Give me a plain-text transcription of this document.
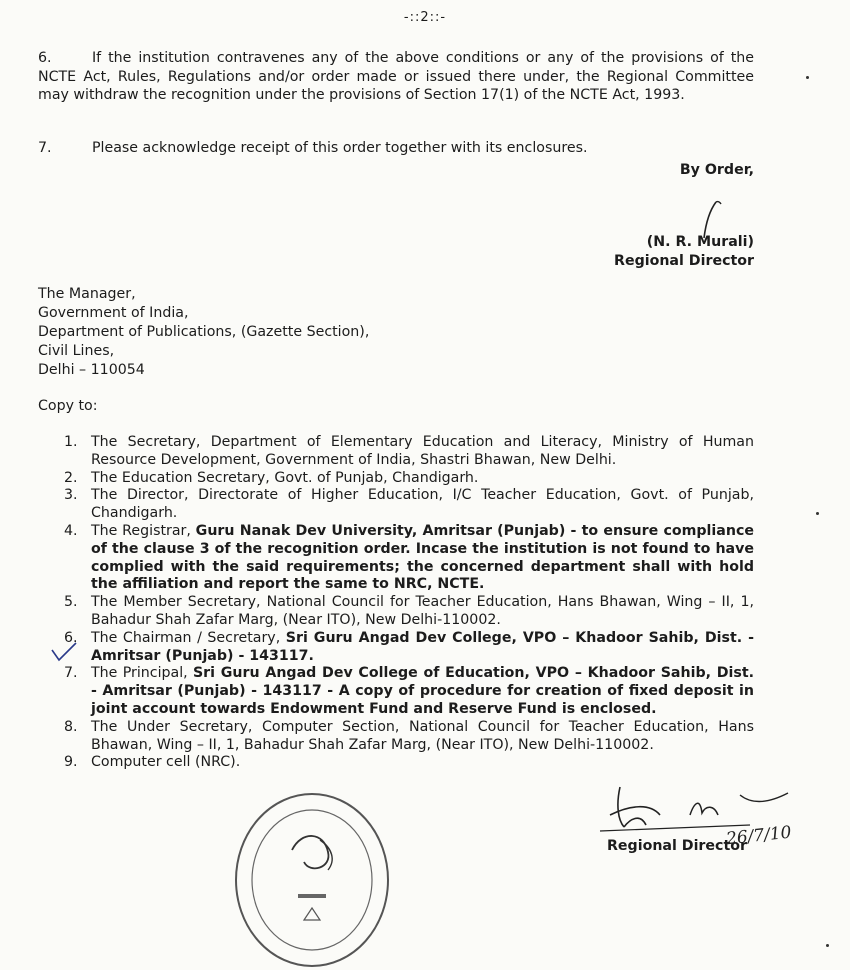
-::2::-
6.	If the institution contravenes any of the above conditions or any of the provisions of the NCTE Act, Rules, Regulations and/or order made or issued there under, the Regional Committee may withdraw the recognition under the provisions of Section 17(1) of the NCTE Act, 1993.
7.	Please acknowledge receipt of this order together with its enclosures.
By Order,
(N. R. Murali)
Regional Director
The Manager,
Government of India,
Department of Publications, (Gazette Section),
Civil Lines,
Delhi – 110054
Copy to:
1. The Secretary, Department of Elementary Education and Literacy, Ministry of Human Resource Development, Government of India, Shastri Bhawan, New Delhi.
2. The Education Secretary, Govt. of Punjab, Chandigarh.
3. The Director, Directorate of Higher Education, I/C Teacher Education, Govt. of Punjab, Chandigarh.
4. The Registrar, Guru Nanak Dev University, Amritsar (Punjab) - to ensure compliance of the clause 3 of the recognition order. Incase the institution is not found to have complied with the said requirements; the concerned department shall with hold the affiliation and report the same to NRC, NCTE.
5. The Member Secretary, National Council for Teacher Education, Hans Bhawan, Wing – II, 1, Bahadur Shah Zafar Marg, (Near ITO), New Delhi-110002.
6. The Chairman / Secretary, Sri Guru Angad Dev College, VPO – Khadoor Sahib, Dist. - Amritsar (Punjab) - 143117.
7. The Principal, Sri Guru Angad Dev College of Education, VPO – Khadoor Sahib, Dist. - Amritsar (Punjab) - 143117 - A copy of procedure for creation of fixed deposit in joint account towards Endowment Fund and Reserve Fund is enclosed.
8. The Under Secretary, Computer Section, National Council for Teacher Education, Hans Bhawan, Wing – II, 1, Bahadur Shah Zafar Marg, (Near ITO), New Delhi-110002.
9. Computer cell (NRC).
Regional Director
26/7/10
